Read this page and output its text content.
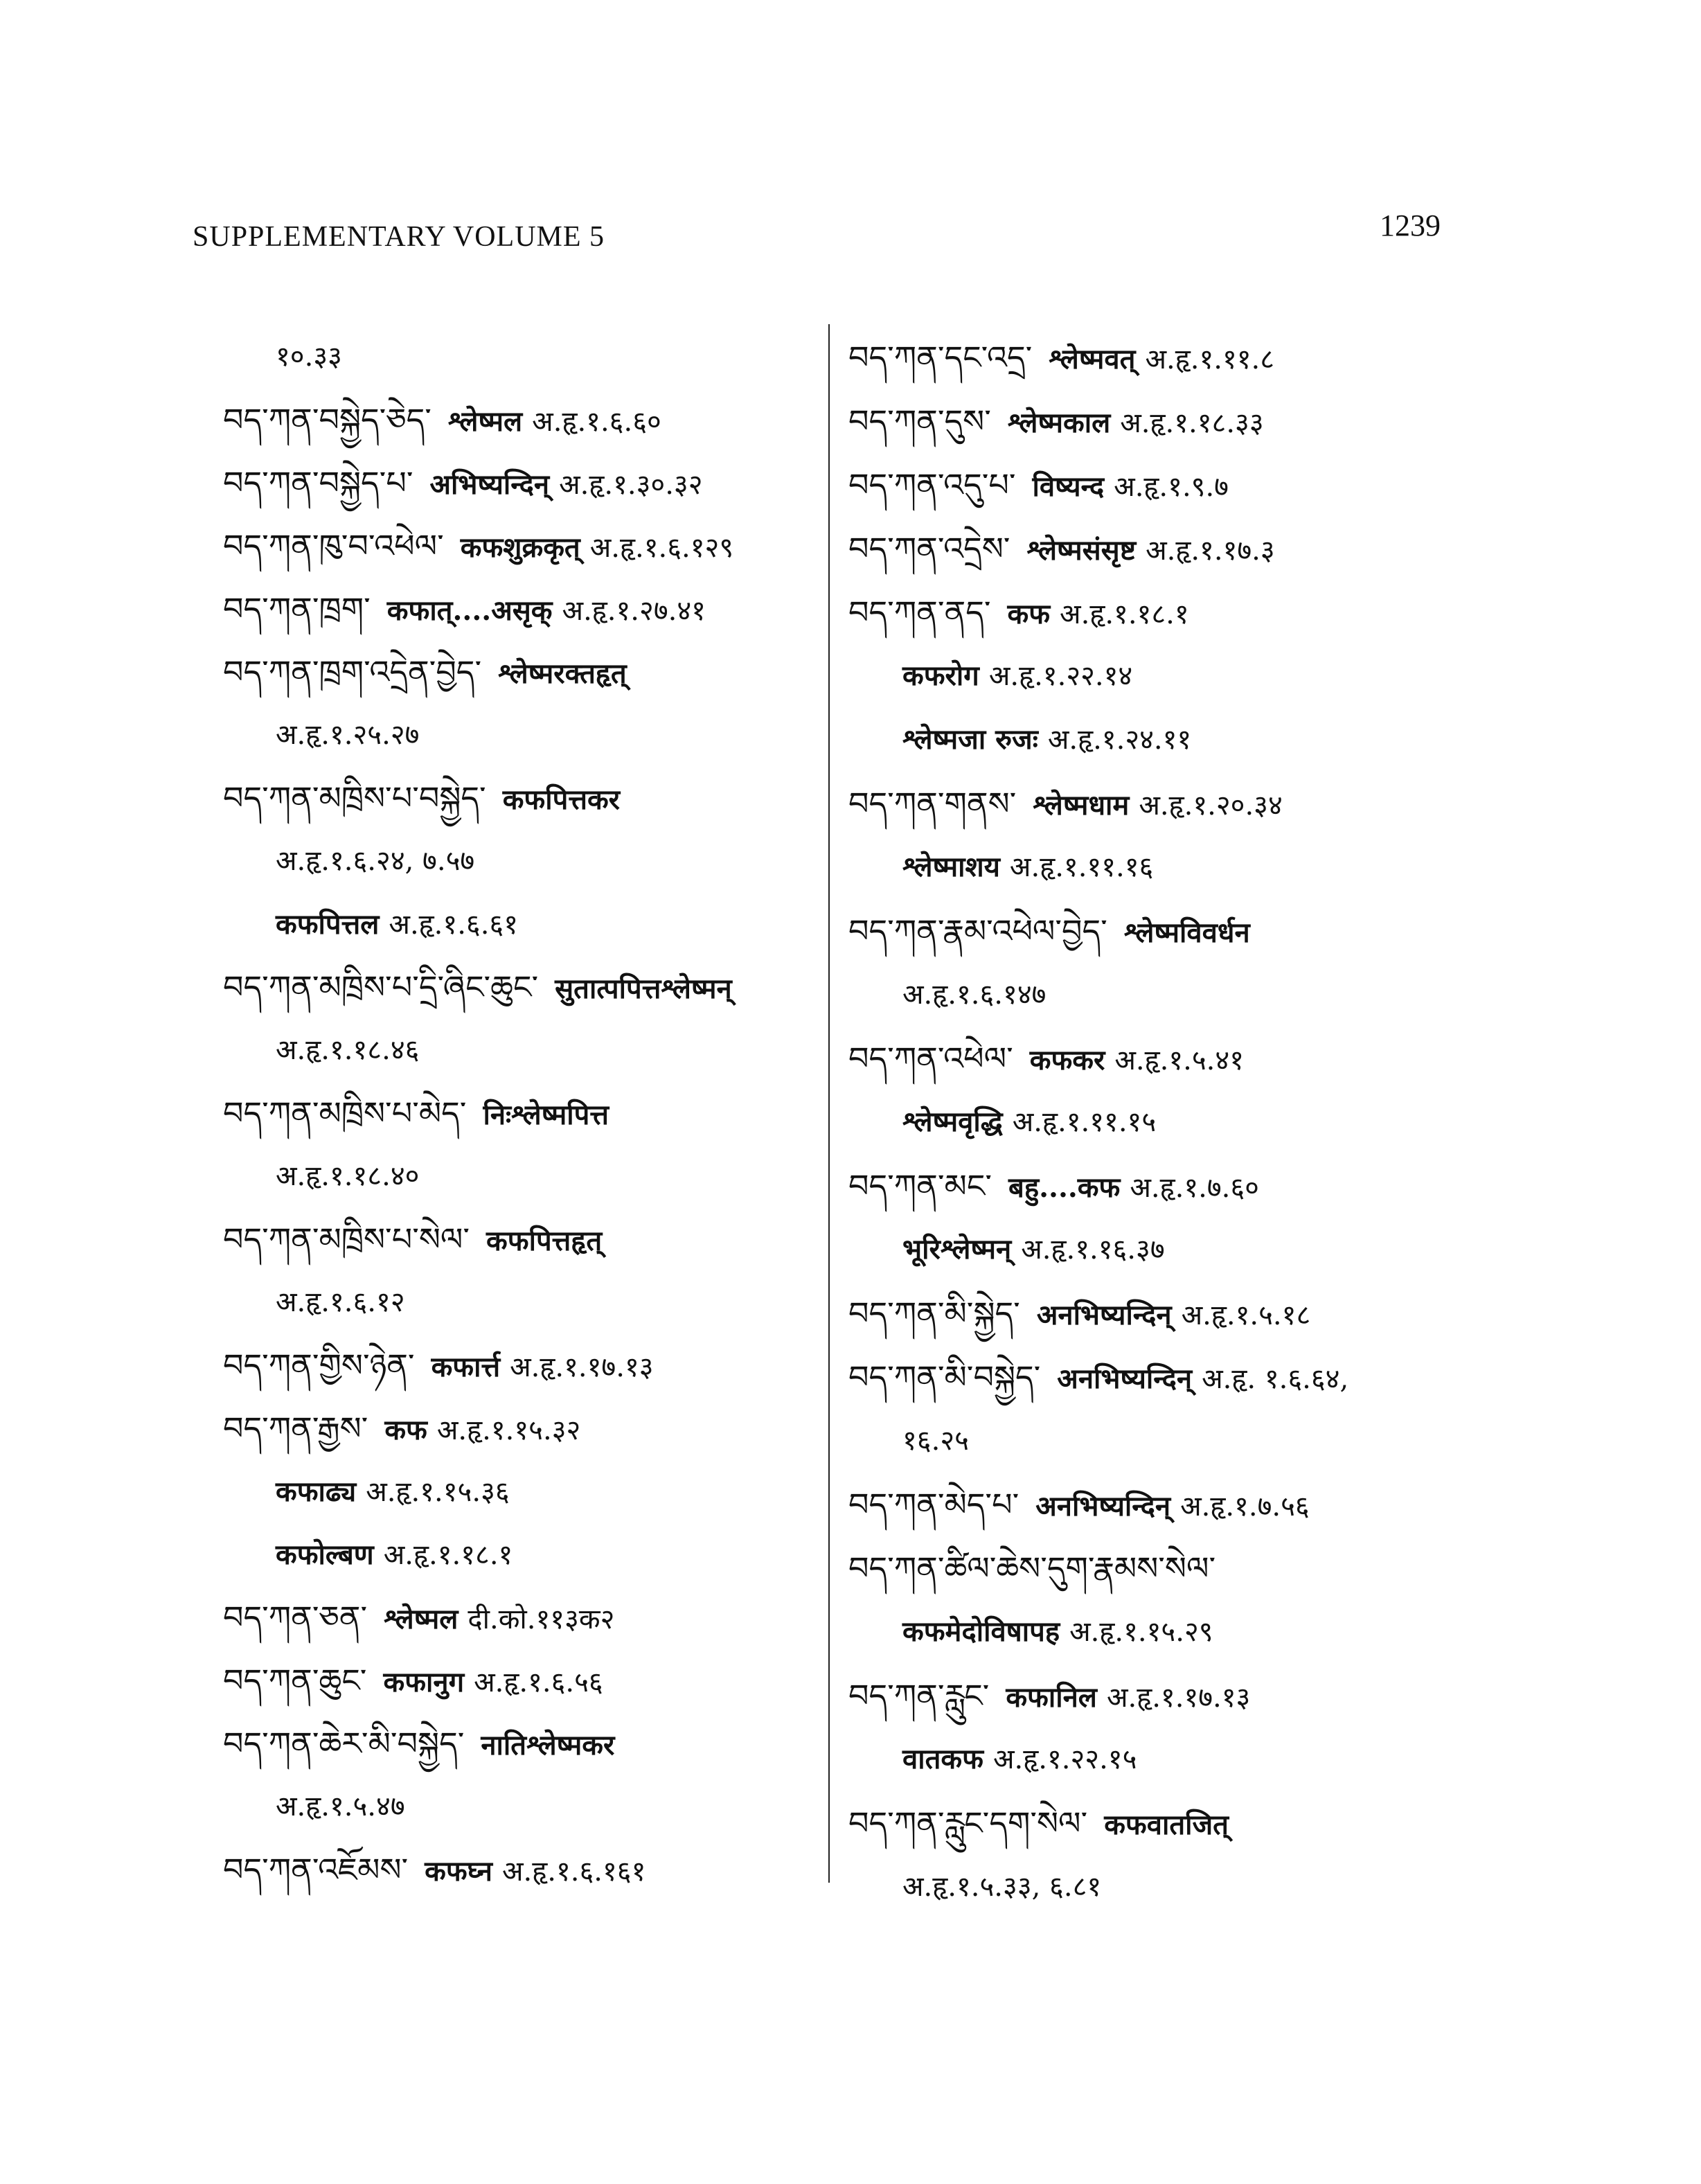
SUPPLEMENTARY VOLUME 5	1239
१०.३३
བད་ཀན་བསྐྱེད་ཅེད་ श्लेष्मल अ.हृ.१.६.६०
བད་ཀན་བསྐྱེད་པ་ अभिष्यन्दिन् अ.हृ.१.३०.३२
བད་ཀན་ཁུ་བ་འཕེལ་ कफशुक्रकृत् अ.हृ.१.६.१२९
བད་ཀན་ཁྲག་ कफात्....असृक् अ.हृ.१.२७.४१
བད་ཀན་ཁྲག་འདྲེན་བྱེད་ श्लेष्मरक्तहृत्
अ.हृ.१.२५.२७
བད་ཀན་མཁྲིས་པ་བསྐྱེད་ कफपित्तकर
अ.हृ.१.६.२४, ७.५७
कफपित्तल अ.हृ.१.६.६१
བད་ཀན་མཁྲིས་པ་དྲི་ཞིང་ཆུང་ सुतात्पपित्तश्लेष्मन्
अ.हृ.१.१८.४६
བད་ཀན་མཁྲིས་པ་མེད་ निःश्लेष्मपित्त
अ.हृ.१.१८.४०
བད་ཀན་མཁྲིས་པ་སེལ་ कफपित्तहृत्
अ.हृ.१.६.१२
བད་ཀན་གྱིས་ཉེན་ कफार्त्त अ.हृ.१.१७.१३
བད་ཀན་རྒྱས་ कफ अ.हृ.१.१५.३२
कफाढ्य अ.हृ.१.१५.३६
कफोल्बण अ.हृ.१.१८.१
བད་ཀན་ཅན་ श्लेष्मल दी.को.११३क२
བད་ཀན་ཆུང་ कफानुग अ.हृ.१.६.५६
བད་ཀན་ཆེར་མི་བསྐྱེད་ नातिश्लेष्मकर
अ.हृ.१.५.४७
བད་ཀན་འཇོམས་ कफघ्न अ.हृ.१.६.१६१
བད་ཀན་དང་འདྲ་ श्लेष्मवत् अ.हृ.१.११.८
བད་ཀན་དུས་ श्लेष्मकाल अ.हृ.१.१८.३३
བད་ཀན་འདུ་པ་ विष्यन्द अ.हृ.१.९.७
བད་ཀན་འདྲེས་ श्लेष्मसंसृष्ट अ.हृ.१.१७.३
བད་ཀན་ནད་ कफ अ.हृ.१.१८.१
कफरोग अ.हृ.१.२२.१४
श्लेष्मजा रुजः अ.हृ.१.२४.११
བད་ཀན་གནས་ श्लेष्मधाम अ.हृ.१.२०.३४
श्लेष्माशय अ.हृ.१.११.१६
བད་ཀན་རྣམ་འཕེལ་བྱེད་ श्लेष्मविवर्धन
अ.हृ.१.६.१४७
བད་ཀན་འཕེལ་ कफकर अ.हृ.१.५.४१
श्लेष्मवृद्धि अ.हृ.१.११.१५
བད་ཀན་མང་ बहु....कफ अ.हृ.१.७.६०
भूरिश्लेष्मन् अ.हृ.१.१६.३७
བད་ཀན་མི་སྐྱེད་ अनभिष्यन्दिन् अ.हृ.१.५.१८
བད་ཀན་མི་བསྐྱེད་ अनभिष्यन्दिन् अ.हृ. १.६.६४,
१६.२५
བད་ཀན་མེད་པ་ अनभिष्यन्दिन् अ.हृ.१.७.५६
བད་ཀན་ཚིལ་ཆེས་དུག་རྣམས་སེལ་
कफमेदोविषापह अ.हृ.१.१५.२९
བད་ཀན་རླུང་ कफानिल अ.हृ.१.१७.१३
वातकफ अ.हृ.१.२२.१५
བད་ཀན་རླུང་དག་སེལ་ कफवातजित्
अ.हृ.१.५.३३, ६.८१
